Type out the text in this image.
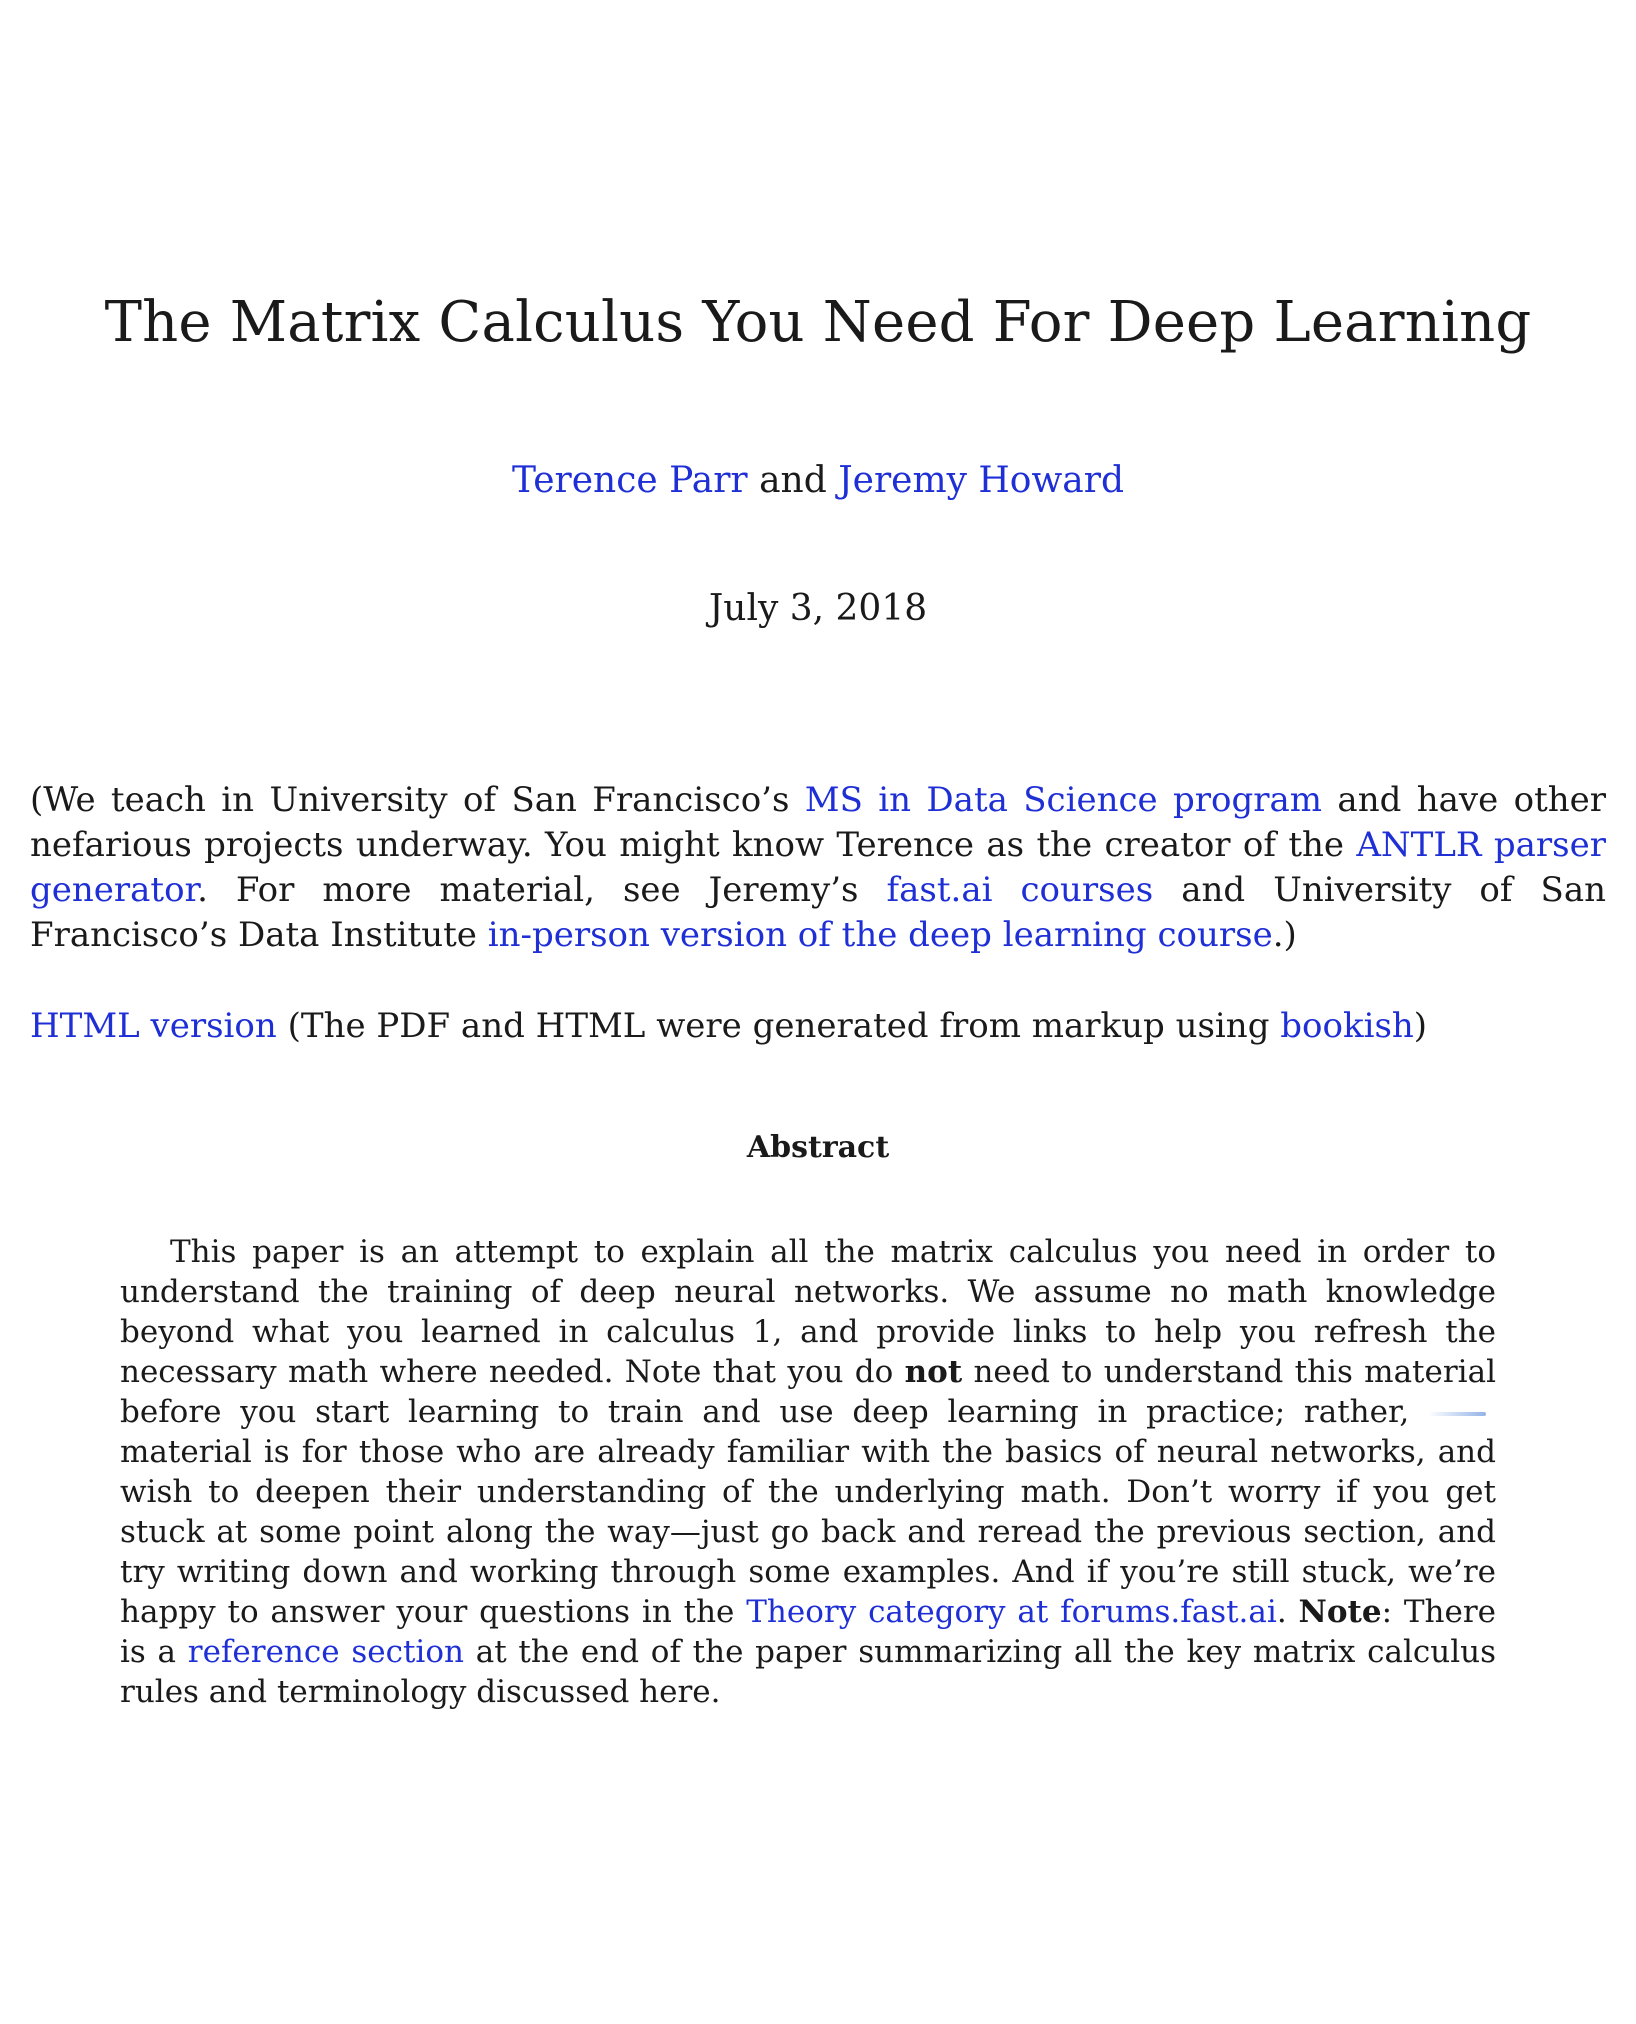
The Matrix Calculus You Need For Deep Learning
Terence Parr and Jeremy Howard
July 3, 2018

(We teach in University of San Francisco’s MS in Data Science program and have other nefarious projects underway. You might know Terence as the creator of the ANTLR parser generator. For more material, see Jeremy’s fast.ai courses and University of San Francisco’s Data Institute in-person version of the deep learning course.)

HTML version (The PDF and HTML were generated from markup using bookish)

Abstract

This paper is an attempt to explain all the matrix calculus you need in order to understand the training of deep neural networks. We assume no math knowledge beyond what you learned in calculus 1, and provide links to help you refresh the necessary math where needed. Note that you do not need to understand this material before you start learning to train and use deep learning in practice; rather, material is for those who are already familiar with the basics of neural networks, and wish to deepen their understanding of the underlying math. Don’t worry if you get stuck at some point along the way—just go back and reread the previous section, and try writing down and working through some examples. And if you’re still stuck, we’re happy to answer your questions in the Theory category at forums.fast.ai. Note: There is a reference section at the end of the paper summarizing all the key matrix calculus rules and terminology discussed here.
